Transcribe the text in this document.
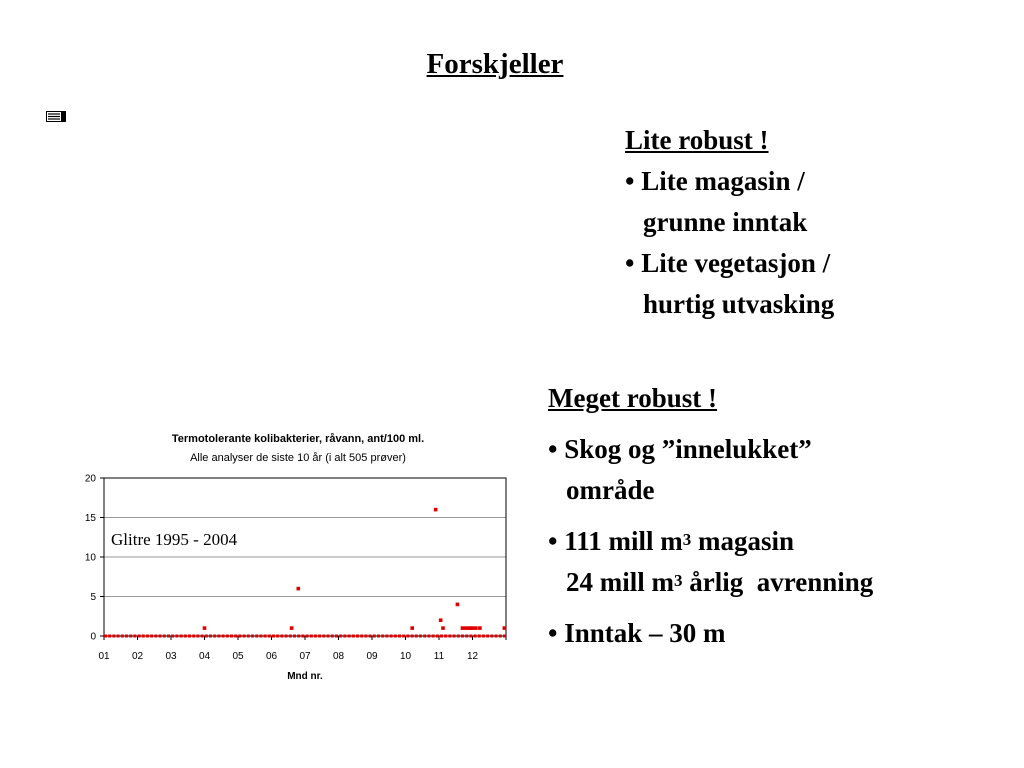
Forskjeller
Lite robust !
• Lite magasin /
grunne inntak
• Lite vegetasjon /
hurtig utvasking
Meget robust !
• Skog og ”innelukket”
område
• 111 mill $m^3$ magasin
24 mill $m^3$ årlig  avrenning
• Inntak – 30 m
Termotolerante kolibakterier, råvann, ant/100 ml.
Alle analyser de siste 10 år (i alt 505 prøver)
Mnd nr.
0
5
10
15
20
01 02 03 04 05 06 07 08 09 10 11 12
Glitre 1995 - 2004
